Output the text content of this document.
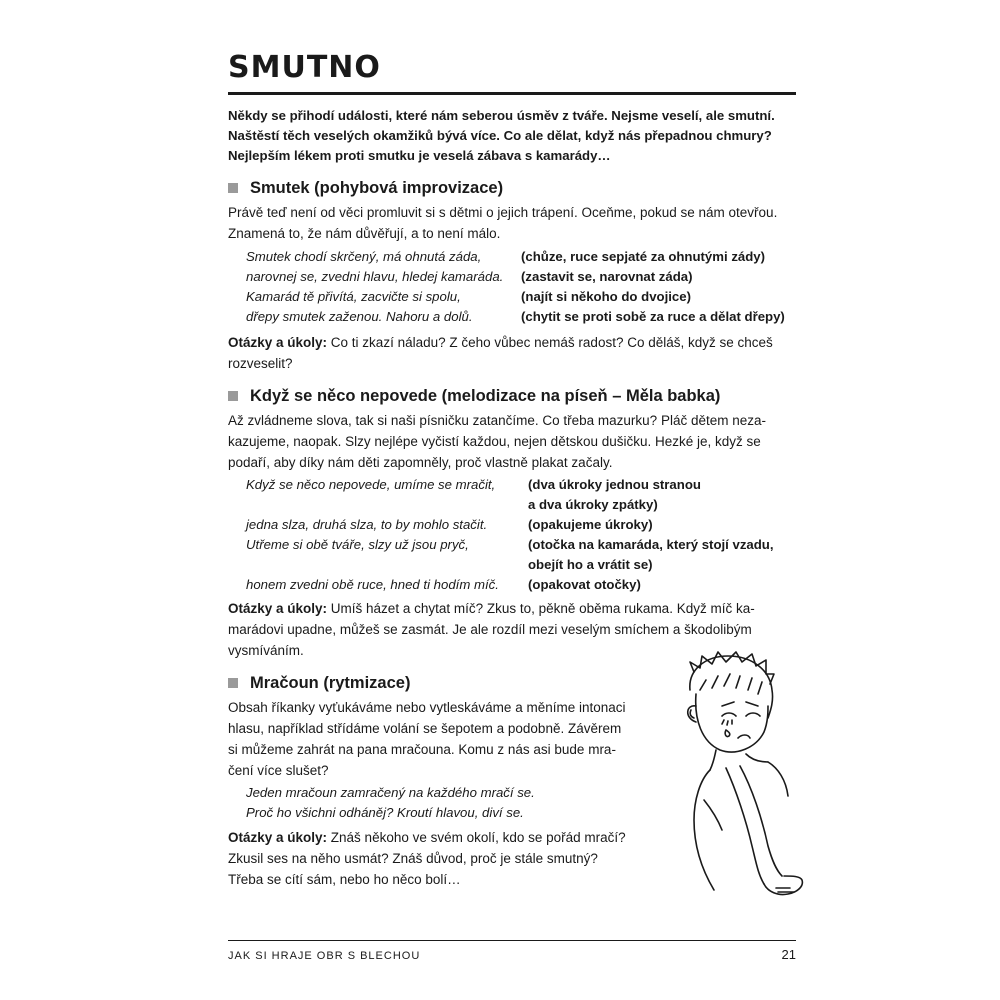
SMUTNO
Někdy se přihodí události, které nám seberou úsměv z tváře. Nejsme veselí, ale smutní.
Naštěstí těch veselých okamžiků bývá více. Co ale dělat, když nás přepadnou chmury?
Nejlepším lékem proti smutku je veselá zábava s kamarády…
Smutek (pohybová improvizace)
Právě teď není od věci promluvit si s dětmi o jejich trápení. Oceňme, pokud se nám otevřou.
Znamená to, že nám důvěřují, a to není málo.
Smutek chodí skrčený, má ohnutá záda,	(chůze, ruce sepjaté za ohnutými zády)
narovnej se, zvedni hlavu, hledej kamaráda.	(zastavit se, narovnat záda)
Kamarád tě přivítá, zacvičte si spolu,	(najít si někoho do dvojice)
dřepy smutek zaženou. Nahoru a dolů.	(chytit se proti sobě za ruce a dělat dřepy)
Otázky a úkoly: Co ti zkazí náladu? Z čeho vůbec nemáš radost? Co děláš, když se chceš
rozveselit?
Když se něco nepovede (melodizace na píseň – Měla babka)
Až zvládneme slova, tak si naši písničku zatančíme. Co třeba mazurku? Pláč dětem neza-
kazujeme, naopak. Slzy nejlépe vyčistí každou, nejen dětskou dušičku. Hezké je, když se
podaří, aby díky nám děti zapomněly, proč vlastně plakat začaly.
Když se něco nepovede, umíme se mračit,	(dva úkroky jednou stranou
a dva úkroky zpátky)
jedna slza, druhá slza, to by mohlo stačit.	(opakujeme úkroky)
Utřeme si obě tváře, slzy už jsou pryč,	(otočka na kamaráda, který stojí vzadu,
obejít ho a vrátit se)
honem zvedni obě ruce, hned ti hodím míč.	(opakovat otočky)
Otázky a úkoly: Umíš házet a chytat míč? Zkus to, pěkně oběma rukama. Když míč ka-
marádovi upadne, můžeš se zasmát. Je ale rozdíl mezi veselým smíchem a škodolibým
vysmíváním.
Mračoun (rytmizace)
Obsah říkanky vyťukáváme nebo vytleskáváme a měníme intonaci
hlasu, například střídáme volání se šepotem a podobně. Závěrem
si můžeme zahrát na pana mračouna. Komu z nás asi bude mra-
čení více slušet?
Jeden mračoun zamračený na každého mračí se.
Proč ho všichni odháněj? Kroutí hlavou, diví se.
Otázky a úkoly: Znáš někoho ve svém okolí, kdo se pořád mračí?
Zkusil ses na něho usmát? Znáš důvod, proč je stále smutný?
Třeba se cítí sám, nebo ho něco bolí…
JAK SI HRAJE OBR S BLECHOU	21
